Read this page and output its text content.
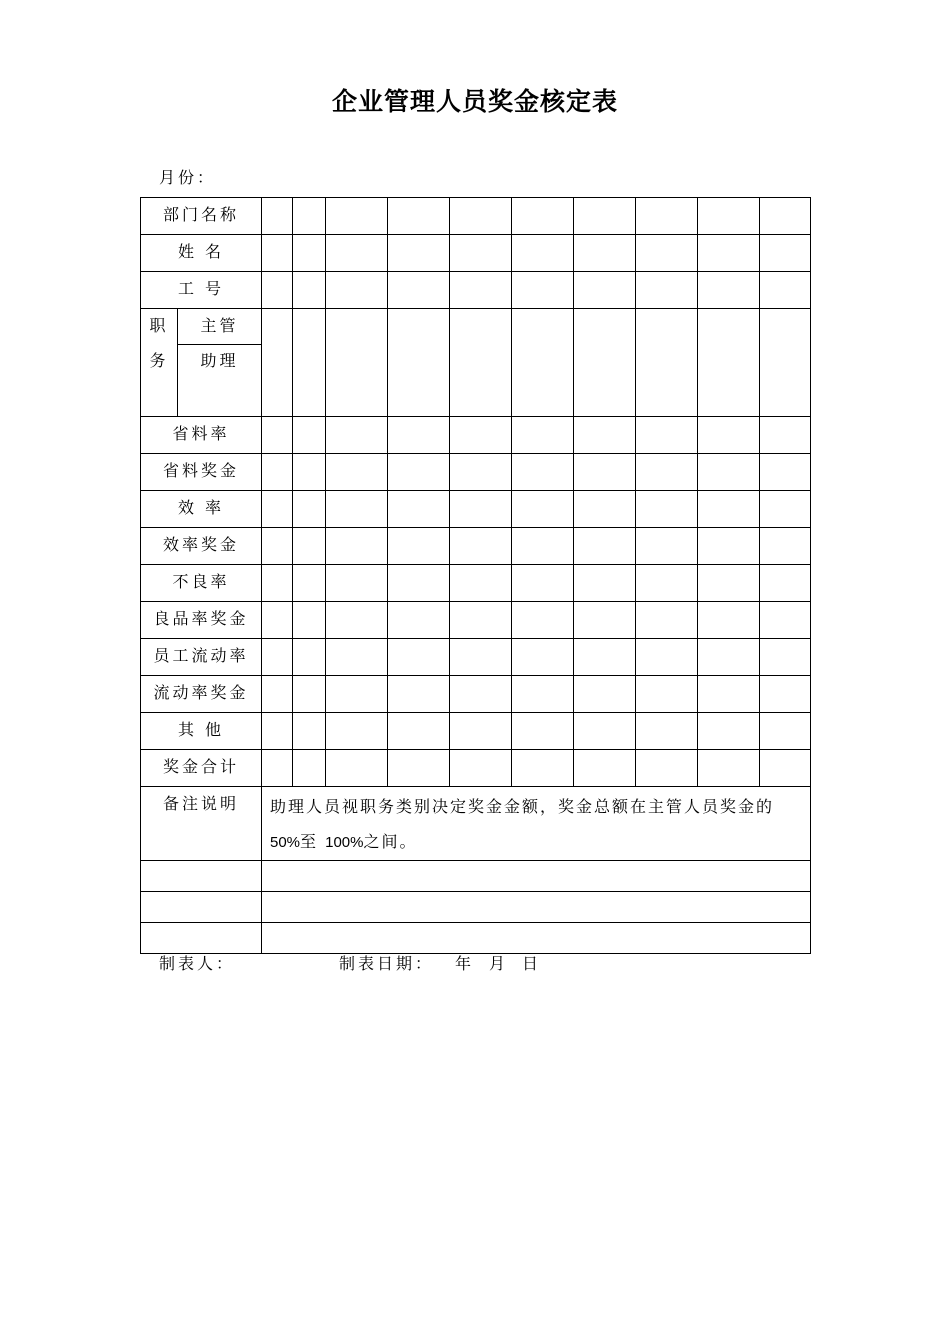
企业管理人员奖金核定表
月份：
部门名称										
姓 名										
工 号										

职
务
主管
助理										

省料率										
省料奖金										
效 率										
效率奖金										
不良率										
良品率奖金										
员工流动率										
流动率奖金										
其 他										
奖金合计										
备注说明	助理人员视职务类别决定奖金金额，奖金总额在主管人员奖金的
50%至 100%之间。									

制表人：	制表日期： 年 月 日
